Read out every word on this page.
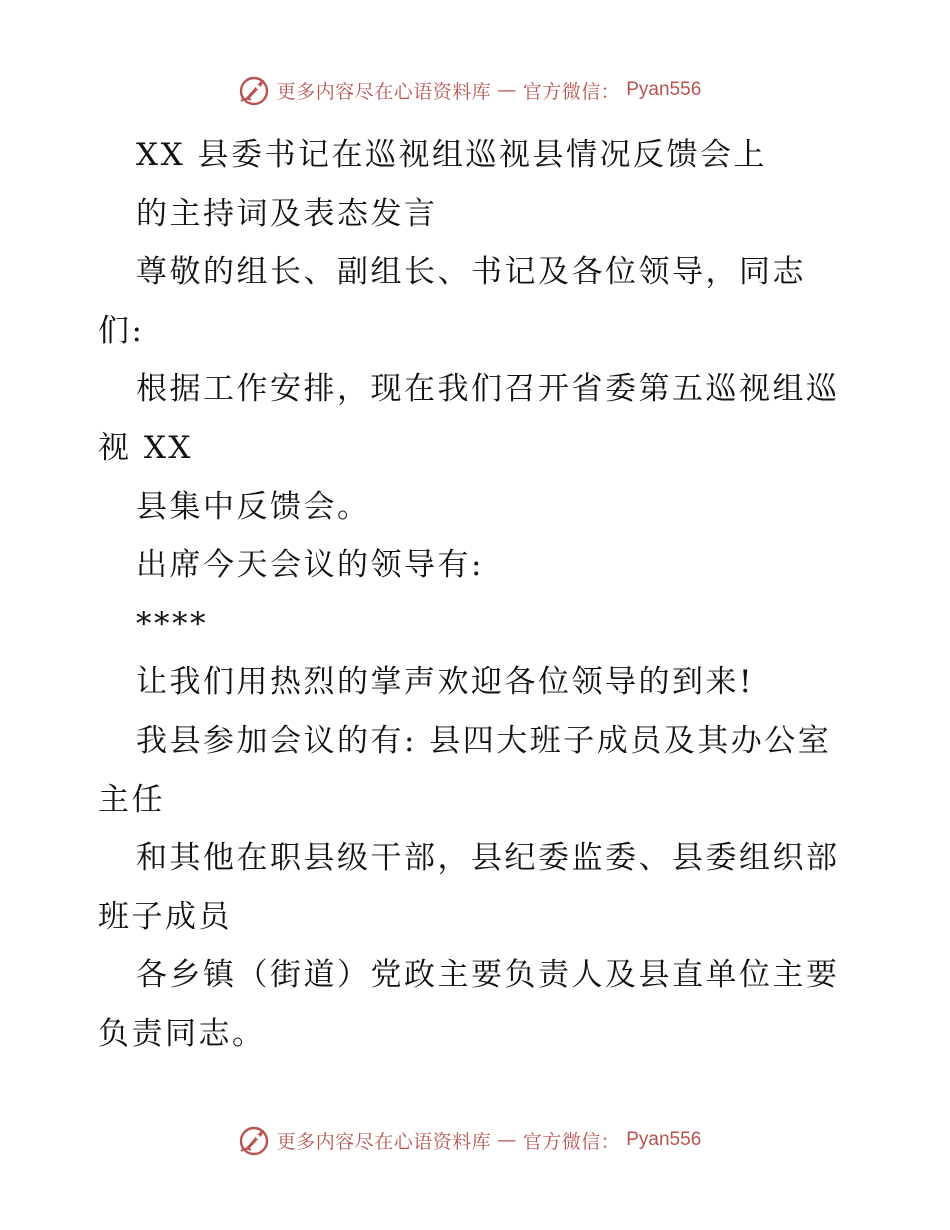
更多内容尽在心语资料库 — 官方微信： Pyan556

XX 县委书记在巡视组巡视县情况反馈会上

的主持词及表态发言

尊敬的组长、副组长、书记及各位领导，同志

们:

根据工作安排，现在我们召开省委第五巡视组巡

视 XX

县集中反馈会。

出席今天会议的领导有:

****

让我们用热烈的掌声欢迎各位领导的到来!

我县参加会议的有: 县四大班子成员及其办公室

主任

和其他在职县级干部，县纪委监委、县委组织部

班子成员

各乡镇（街道）党政主要负责人及县直单位主要

负责同志。

更多内容尽在心语资料库 — 官方微信： Pyan556
